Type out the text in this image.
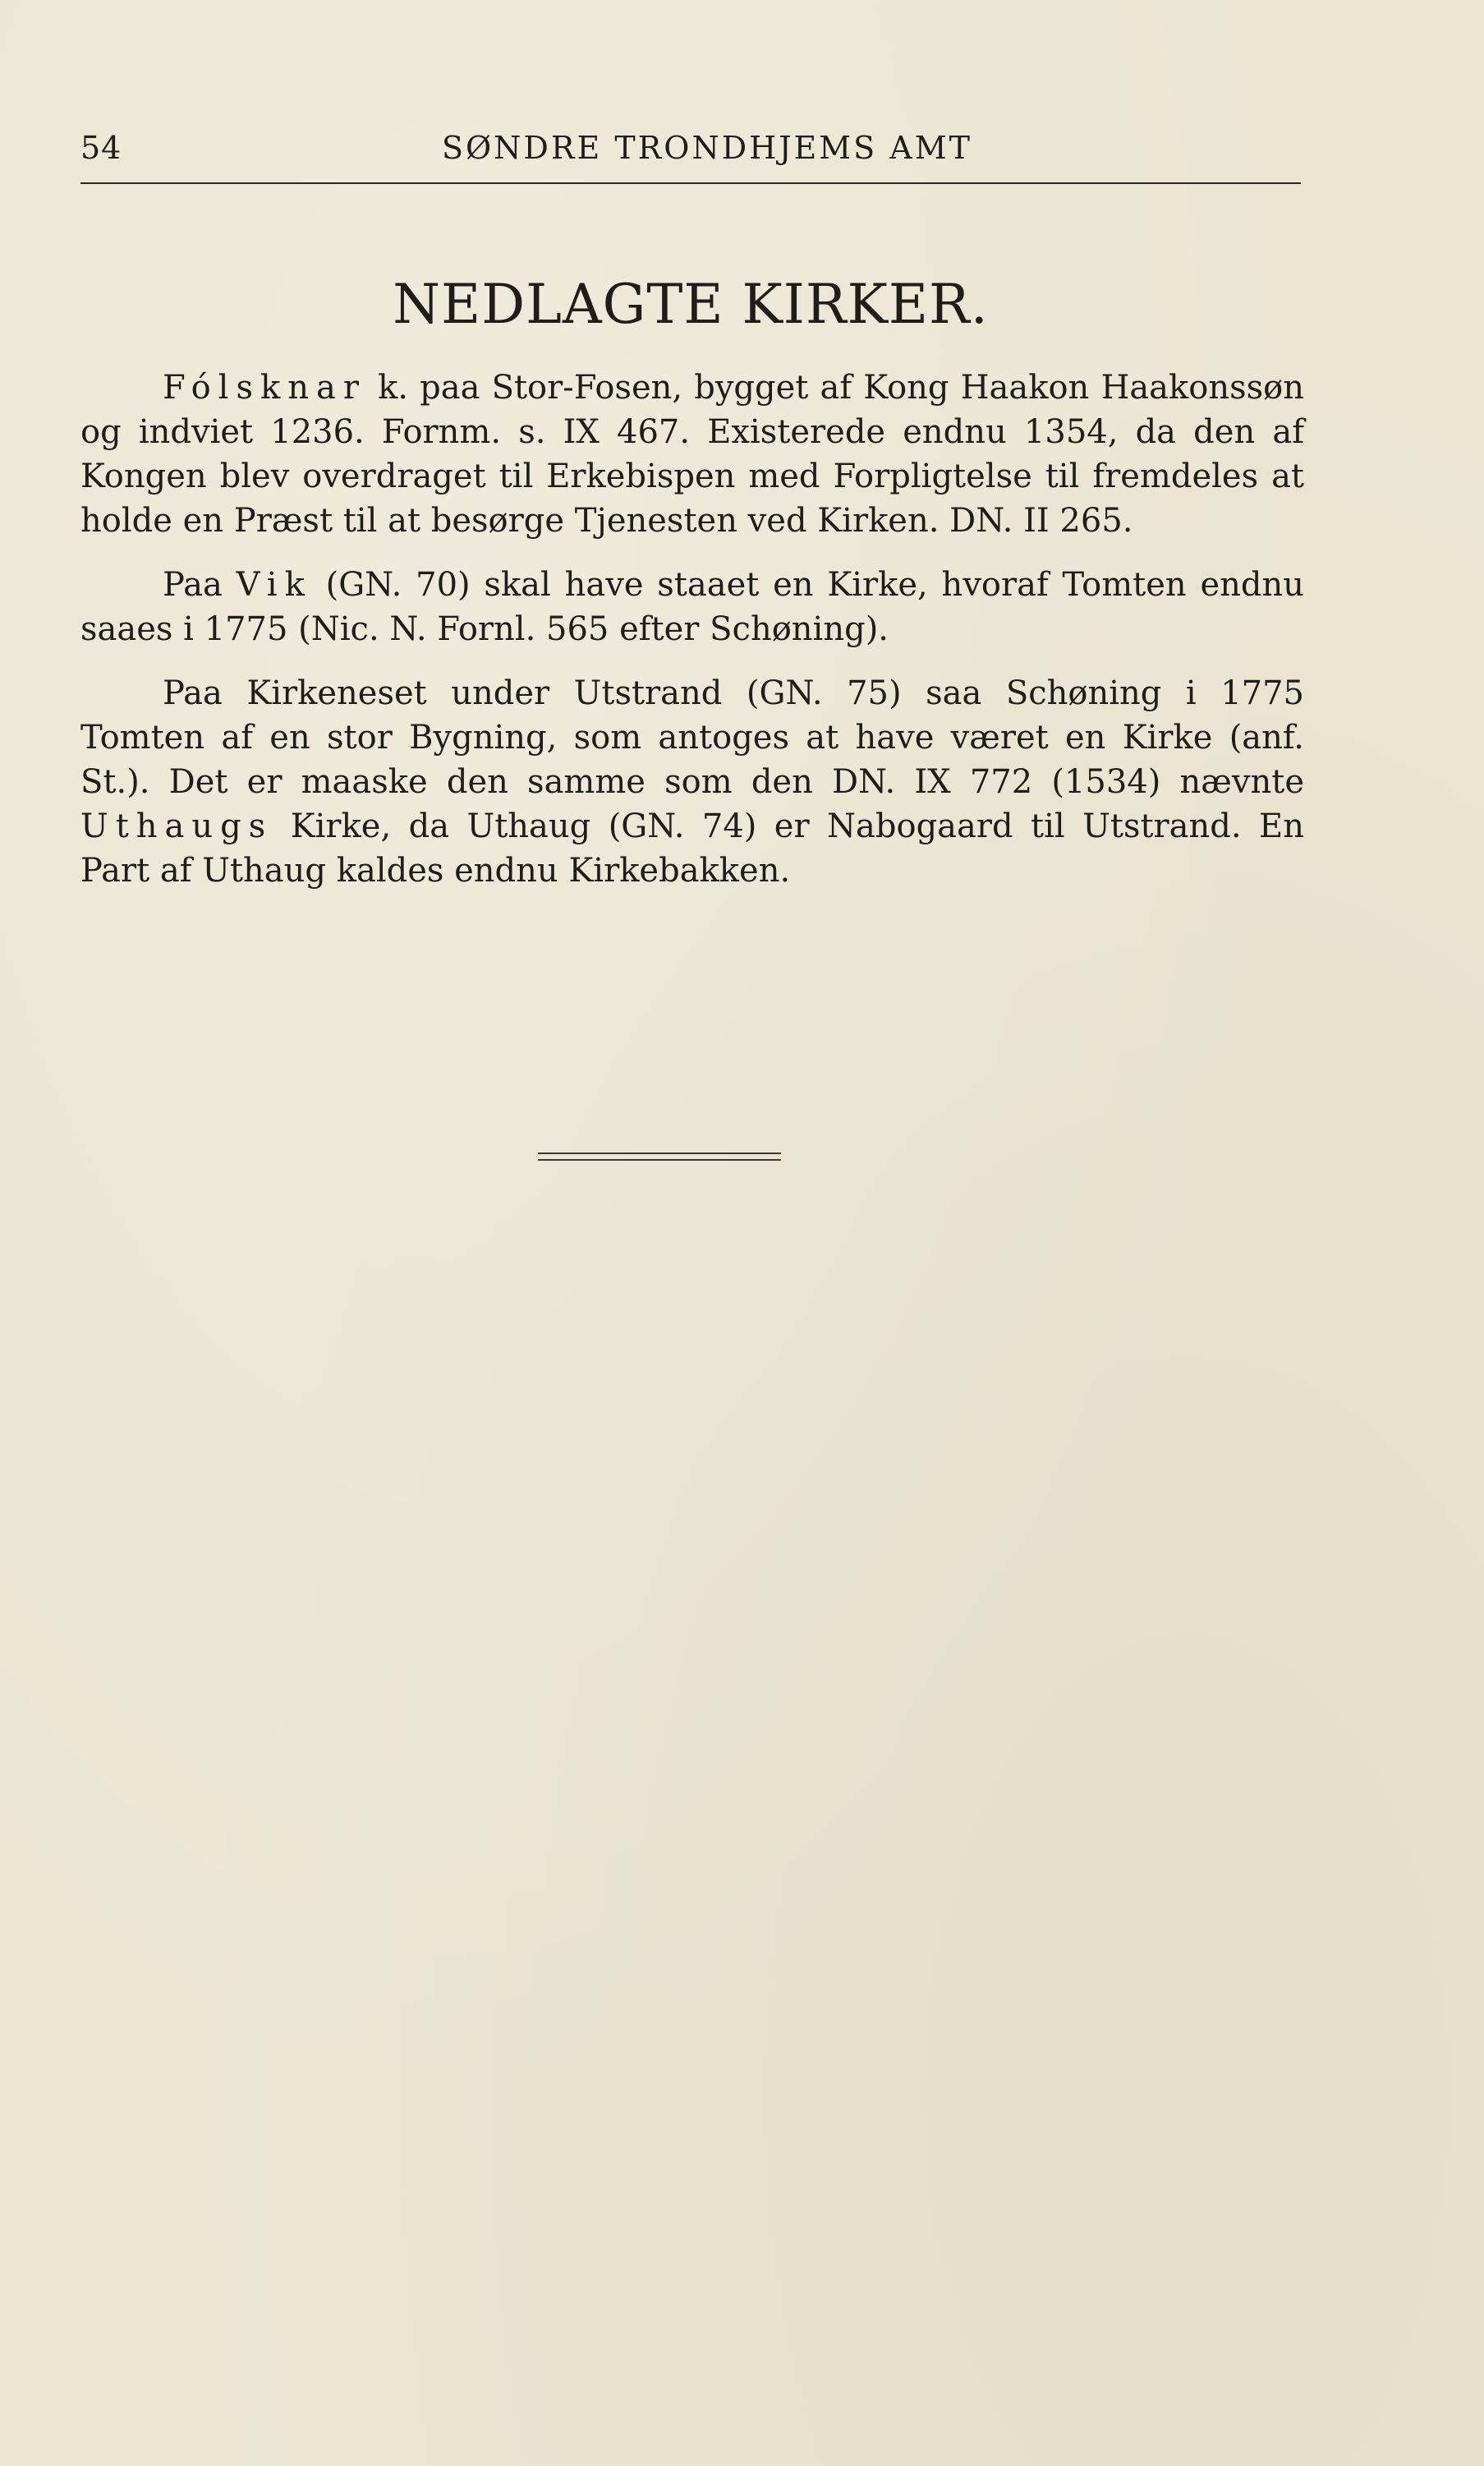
54	SØNDRE TRONDHJEMS AMT
NEDLAGTE KIRKER.

Fólsknar k. paa Stor-Fosen, bygget af Kong Haakon Haakonssøn og indviet 1236. Fornm. s. IX 467. Existerede endnu 1354, da den af Kongen blev overdraget til Erkebispen med Forpligtelse til fremdeles at holde en Præst til at besørge Tjenesten ved Kirken. DN. II 265.

Paa Vik (GN. 70) skal have staaet en Kirke, hvoraf Tomten endnu saaes i 1775 (Nic. N. Fornl. 565 efter Schøning).

Paa Kirkeneset under Utstrand (GN. 75) saa Schøning i 1775 Tomten af en stor Bygning, som antoges at have været en Kirke (anf. St.). Det er maaske den samme som den DN. IX 772 (1534) nævnte Uthaugs Kirke, da Uthaug (GN. 74) er Nabogaard til Utstrand. En Part af Uthaug kaldes endnu Kirkebakken.
